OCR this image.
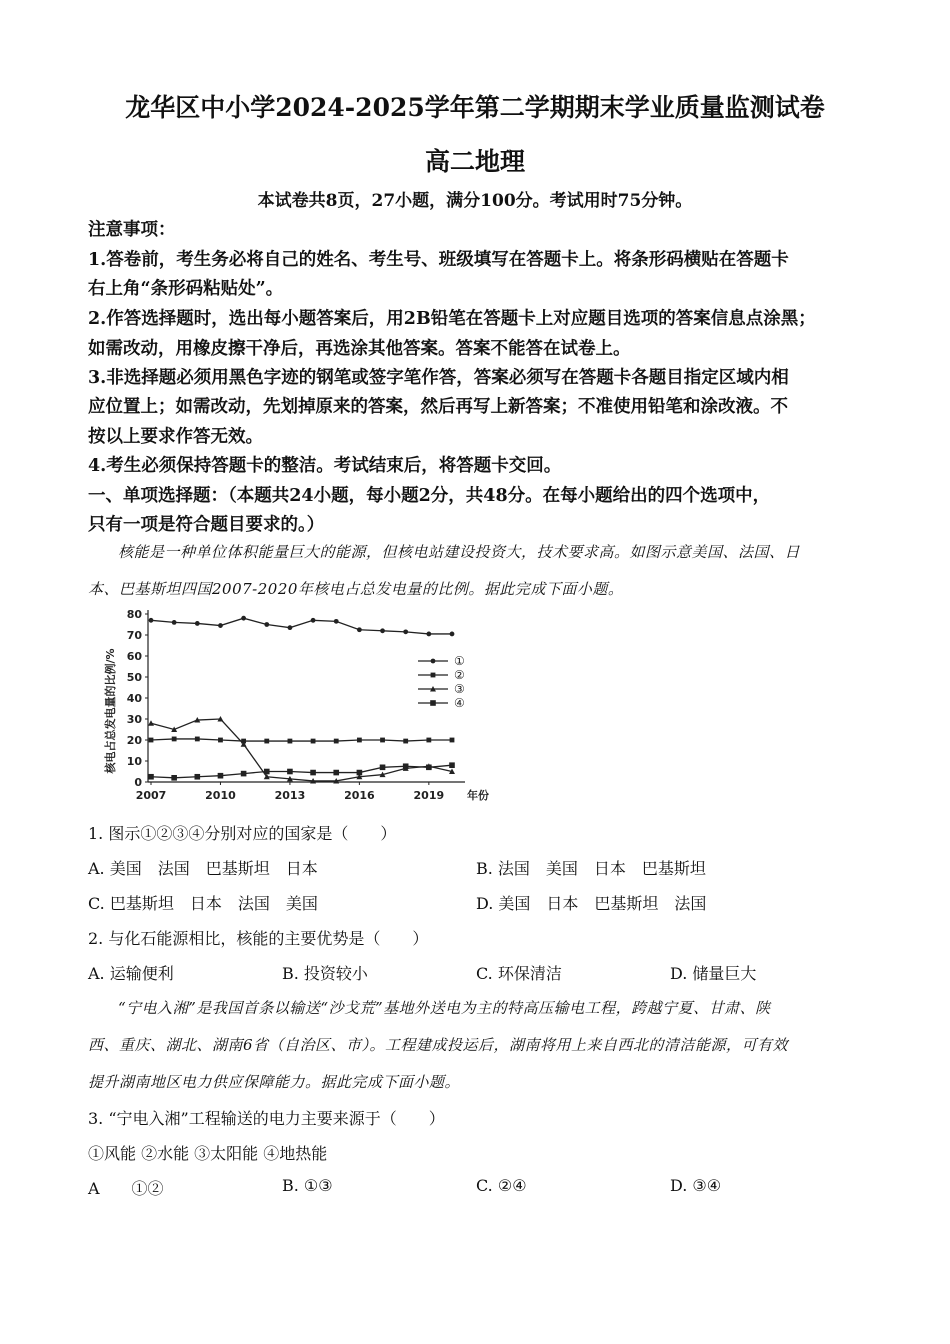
龙华区中小学2024-2025学年第二学期期末学业质量监测试卷
高二地理
本试卷共8页，27小题，满分100分。考试用时75分钟。
注意事项：
1.答卷前，考生务必将自己的姓名、考生号、班级填写在答题卡上。将条形码横贴在答题卡
右上角“条形码粘贴处”。
2.作答选择题时，选出每小题答案后，用2B铅笔在答题卡上对应题目选项的答案信息点涂黑；
如需改动，用橡皮擦干净后，再选涂其他答案。答案不能答在试卷上。
3.非选择题必须用黑色字迹的钢笔或签字笔作答，答案必须写在答题卡各题目指定区域内相
应位置上；如需改动，先划掉原来的答案，然后再写上新答案；不准使用铅笔和涂改液。不
按以上要求作答无效。
4.考生必须保持答题卡的整洁。考试结束后，将答题卡交回。
一、单项选择题：（本题共24小题，每小题2分，共48分。在每小题给出的四个选项中，
只有一项是符合题目要求的。）
核能是一种单位体积能量巨大的能源，但核电站建设投资大，技术要求高。如图示意美国、法国、日
本、巴基斯坦四国2007-2020年核电占总发电量的比例。据此完成下面小题。
核电占总发电量的比例/%
0
10
20
30
40
50
60
70
80
2007	2010	2013	2016	2019 年份
①
②
③
④
1. 图示①②③④分别对应的国家是（　　）
A. 美国　法国　巴基斯坦　日本	B. 法国　美国　日本　巴基斯坦
C. 巴基斯坦　日本　法国　美国	D. 美国　日本　巴基斯坦　法国
2. 与化石能源相比，核能的主要优势是（　　）
A. 运输便利	B. 投资较小	C. 环保清洁	D. 储量巨大
“宁电入湘”是我国首条以输送“沙戈荒”基地外送电为主的特高压输电工程，跨越宁夏、甘肃、陕
西、重庆、湖北、湖南6省（自治区、市）。工程建成投运后，湖南将用上来自西北的清洁能源，可有效
提升湖南地区电力供应保障能力。据此完成下面小题。
3. “宁电入湘”工程输送的电力主要来源于（　　）
①风能 ②水能 ③太阳能 ④地热能
A　　①②	B. ①③	C. ②④	D. ③④
